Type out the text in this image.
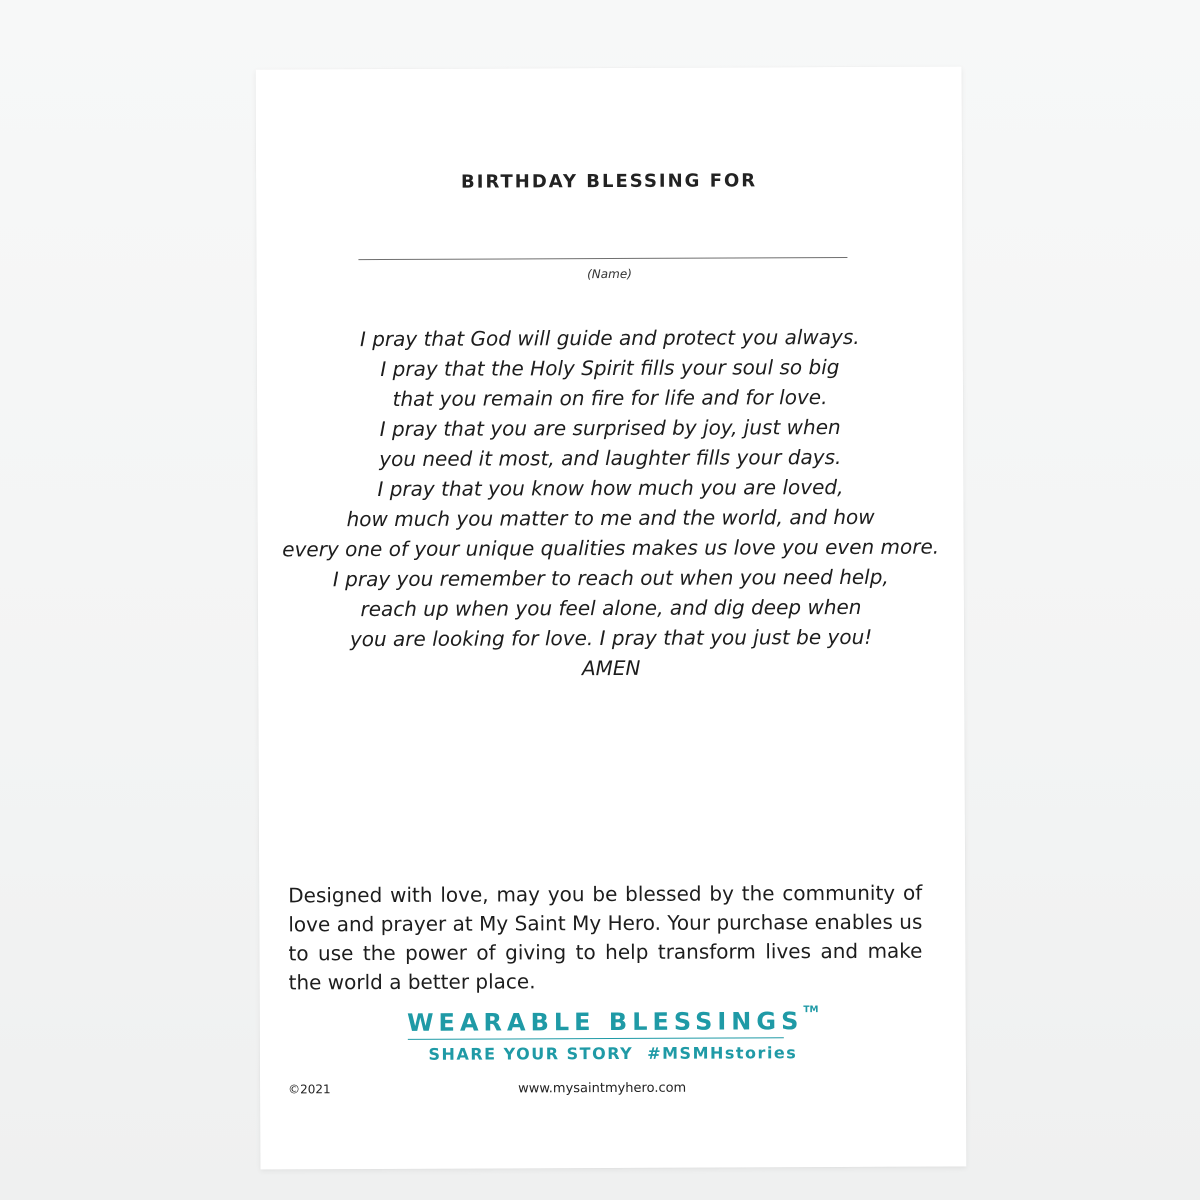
BIRTHDAY BLESSING FOR
(Name)
I pray that God will guide and protect you always.
I pray that the Holy Spirit fills your soul so big
that you remain on fire for life and for love.
I pray that you are surprised by joy, just when
you need it most, and laughter fills your days.
I pray that you know how much you are loved,
how much you matter to me and the world, and how
every one of your unique qualities makes us love you even more.
I pray you remember to reach out when you need help,
reach up when you feel alone, and dig deep when
you are looking for love. I pray that you just be you!
AMEN

Designed with love, may you be blessed by the community of love and prayer at My Saint My Hero. Your purchase enables us to use the power of giving to help transform lives and make the world a better place.

WEARABLE BLESSINGS™
SHARE YOUR STORY #MSMHstories
©2021	www.mysaintmyhero.com
